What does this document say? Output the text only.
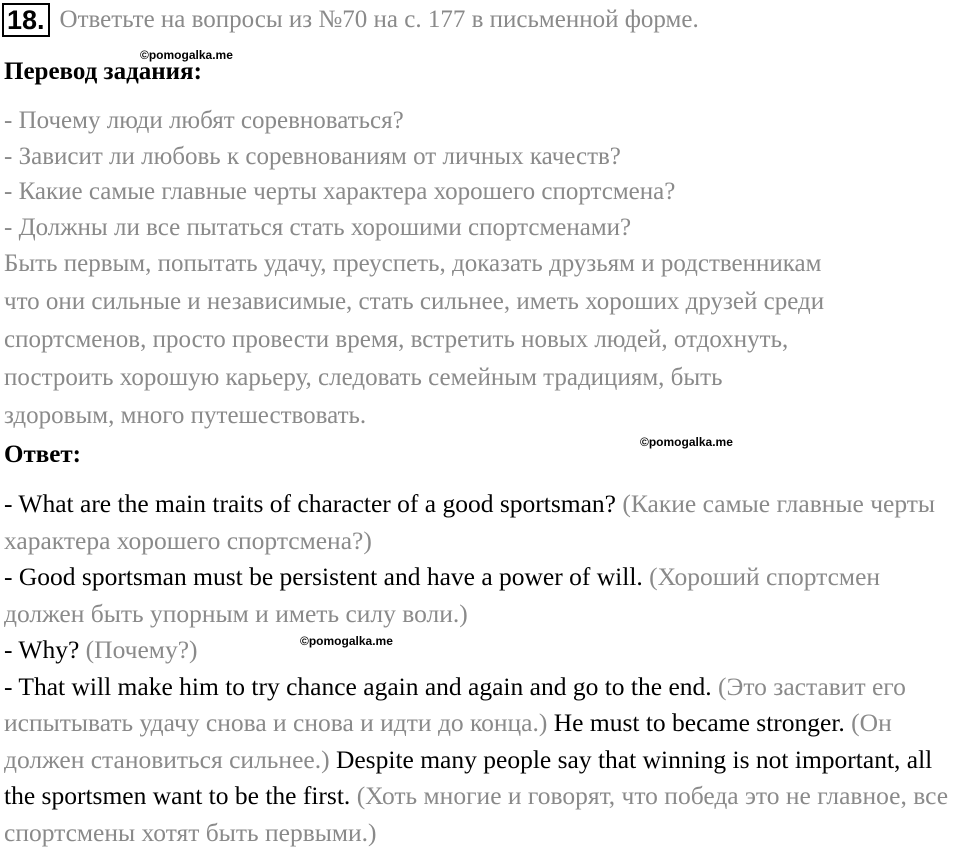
18. Ответьте на вопросы из №70 на с. 177 в письменной форме.
©pomogalka.me
Перевод задания:
- Почему люди любят соревноваться?
- Зависит ли любовь к соревнованиям от личных качеств?
- Какие самые главные черты характера хорошего спортсмена?
- Должны ли все пытаться стать хорошими спортсменами?
Быть первым, попытать удачу, преуспеть, доказать друзьям и родственникам
что они сильные и независимые, стать сильнее, иметь хороших друзей среди
спортсменов, просто провести время, встретить новых людей, отдохнуть,
построить хорошую карьеру, следовать семейным традициям, быть
здоровым, много путешествовать.
©pomogalka.me
Ответ:

- What are the main traits of character of a good sportsman? (Какие самые главные черты характера хорошего спортсмена?)

- Good sportsman must be persistent and have a power of will. (Хороший спортсмен должен быть упорным и иметь силу воли.)

- Why? (Почему?)

- That will make him to try chance again and again and go to the end. (Это заставит его испытывать удачу снова и снова и идти до конца.) He must to became stronger. (Он должен становиться сильнее.) Despite many people say that winning is not important, all the sportsmen want to be the first. (Хоть многие и говорят, что победа это не главное, все спортсмены хотят быть первыми.)

©pomogalka.me
